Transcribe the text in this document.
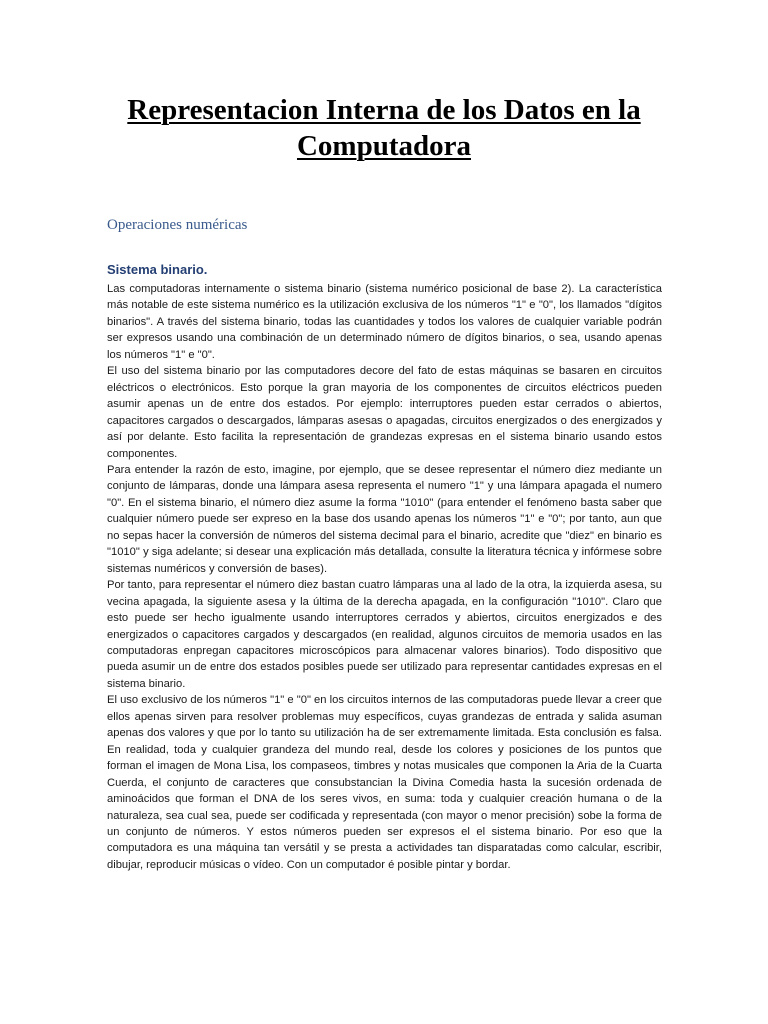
Representacion Interna de los Datos en la Computadora
Operaciones numéricas
Sistema binario.

Las computadoras internamente o sistema binario (sistema numérico posicional de base 2). La característica más notable de este sistema numérico es la utilización exclusiva de los números "1" e "0", los llamados "dígitos binarios". A través del sistema binario, todas las cuantidades y todos los valores de cualquier variable podrán ser expresos usando una combinación de un determinado número de dígitos binarios, o sea, usando apenas los números "1" e "0".

El uso del sistema binario por las computadores decore del fato de estas máquinas se basaren en circuitos eléctricos o electrónicos. Esto porque la gran mayoria de los componentes de circuitos eléctricos pueden asumir apenas un de entre dos estados. Por ejemplo: interruptores pueden estar cerrados o abiertos, capacitores cargados o descargados, lámparas asesas o apagadas, circuitos energizados o des energizados y así por delante. Esto facilita la representación de grandezas expresas en el sistema binario usando estos componentes.

Para entender la razón de esto, imagine, por ejemplo, que se desee representar el número diez mediante un conjunto de lámparas, donde una lámpara asesa representa el numero "1" y una lámpara apagada el numero "0". En el sistema binario, el número diez asume la forma "1010" (para entender el fenómeno basta saber que cualquier número puede ser expreso en la base dos usando apenas los números "1" e "0"; por tanto, aun que no sepas hacer la conversión de números del sistema decimal para el binario, acredite que "diez" en binario es "1010" y siga adelante; si desear una explicación más detallada, consulte la literatura técnica y infórmese sobre sistemas numéricos y conversión de bases).

Por tanto, para representar el número diez bastan cuatro lámparas una al lado de la otra, la izquierda asesa, su vecina apagada, la siguiente asesa y la última de la derecha apagada, en la configuración "1010". Claro que esto puede ser hecho igualmente usando interruptores cerrados y abiertos, circuitos energizados e des energizados o capacitores cargados y descargados (en realidad, algunos circuitos de memoria usados en las computadoras enpregan capacitores microscópicos para almacenar valores binarios). Todo dispositivo que pueda asumir un de entre dos estados posibles puede ser utilizado para representar cantidades expresas en el sistema binario.

El uso exclusivo de los números "1" e "0" en los circuitos internos de las computadoras puede llevar a creer que ellos apenas sirven para resolver problemas muy específicos, cuyas grandezas de entrada y salida asuman apenas dos valores y que por lo tanto su utilización ha de ser extremamente limitada. Esta conclusión es falsa. En realidad, toda y cualquier grandeza del mundo real, desde los colores y posiciones de los puntos que forman el imagen de Mona Lisa, los compaseos, timbres y notas musicales que componen la Aria de la Cuarta Cuerda, el conjunto de caracteres que consubstancian la Divina Comedia hasta la sucesión ordenada de aminoácidos que forman el DNA de los seres vivos, en suma: toda y cualquier creación humana o de la naturaleza, sea cual sea, puede ser codificada y representada (con mayor o menor precisión) sobe la forma de un conjunto de números. Y estos números pueden ser expresos el el sistema binario. Por eso que la computadora es una máquina tan versátil y se presta a actividades tan disparatadas como calcular, escribir, dibujar, reproducir músicas o vídeo. Con un computador é posible pintar y bordar.
